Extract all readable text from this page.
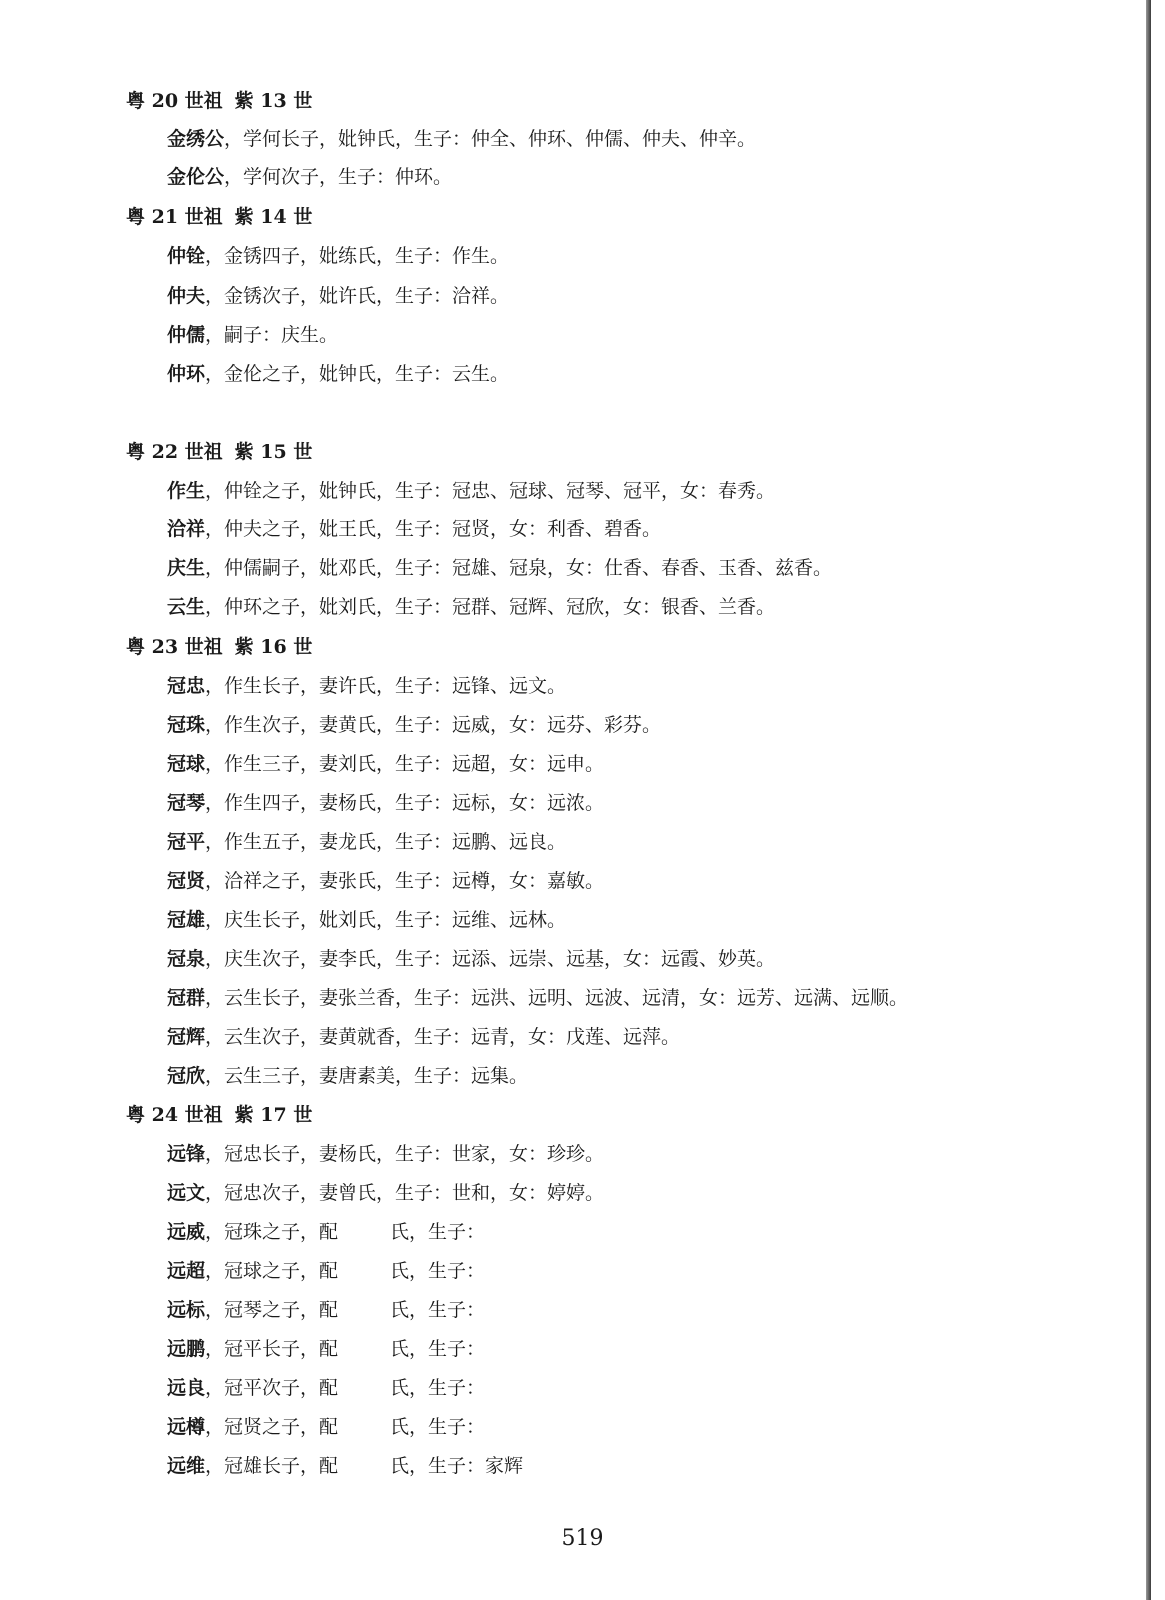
粤 20 世祖 紫 13 世
金绣公，学何长子，妣钟氏，生子：仲全、仲环、仲儒、仲夫、仲辛。
金伦公，学何次子，生子：仲环。
粤 21 世祖 紫 14 世
仲铨，金锈四子，妣练氏，生子：作生。
仲夫，金锈次子，妣许氏，生子：洽祥。
仲儒，嗣子：庆生。
仲环，金伦之子，妣钟氏，生子：云生。
粤 22 世祖 紫 15 世
作生，仲铨之子，妣钟氏，生子：冠忠、冠球、冠琴、冠平，女：春秀。
洽祥，仲夫之子，妣王氏，生子：冠贤，女：利香、碧香。
庆生，仲儒嗣子，妣邓氏，生子：冠雄、冠泉，女：仕香、春香、玉香、兹香。
云生，仲环之子，妣刘氏，生子：冠群、冠辉、冠欣，女：银香、兰香。
粤 23 世祖 紫 16 世
冠忠，作生长子，妻许氏，生子：远锋、远文。
冠珠，作生次子，妻黄氏，生子：远威，女：远芬、彩芬。
冠球，作生三子，妻刘氏，生子：远超，女：远申。
冠琴，作生四子，妻杨氏，生子：远标，女：远浓。
冠平，作生五子，妻龙氏，生子：远鹏、远良。
冠贤，洽祥之子，妻张氏，生子：远樽，女：嘉敏。
冠雄，庆生长子，妣刘氏，生子：远维、远林。
冠泉，庆生次子，妻李氏，生子：远添、远崇、远基，女：远霞、妙英。
冠群，云生长子，妻张兰香，生子：远洪、远明、远波、远清，女：远芳、远满、远顺。
冠辉，云生次子，妻黄就香，生子：远青，女：戊莲、远萍。
冠欣，云生三子，妻唐素美，生子：远集。
粤 24 世祖 紫 17 世
远锋，冠忠长子，妻杨氏，生子：世家，女：珍珍。
远文，冠忠次子，妻曾氏，生子：世和，女：婷婷。
远威，冠珠之子，配	氏，生子：
远超，冠球之子，配	氏，生子：
远标，冠琴之子，配	氏，生子：
远鹏，冠平长子，配	氏，生子：
远良，冠平次子，配	氏，生子：
远樽，冠贤之子，配	氏，生子：
远维，冠雄长子，配	氏，生子：家辉
519
